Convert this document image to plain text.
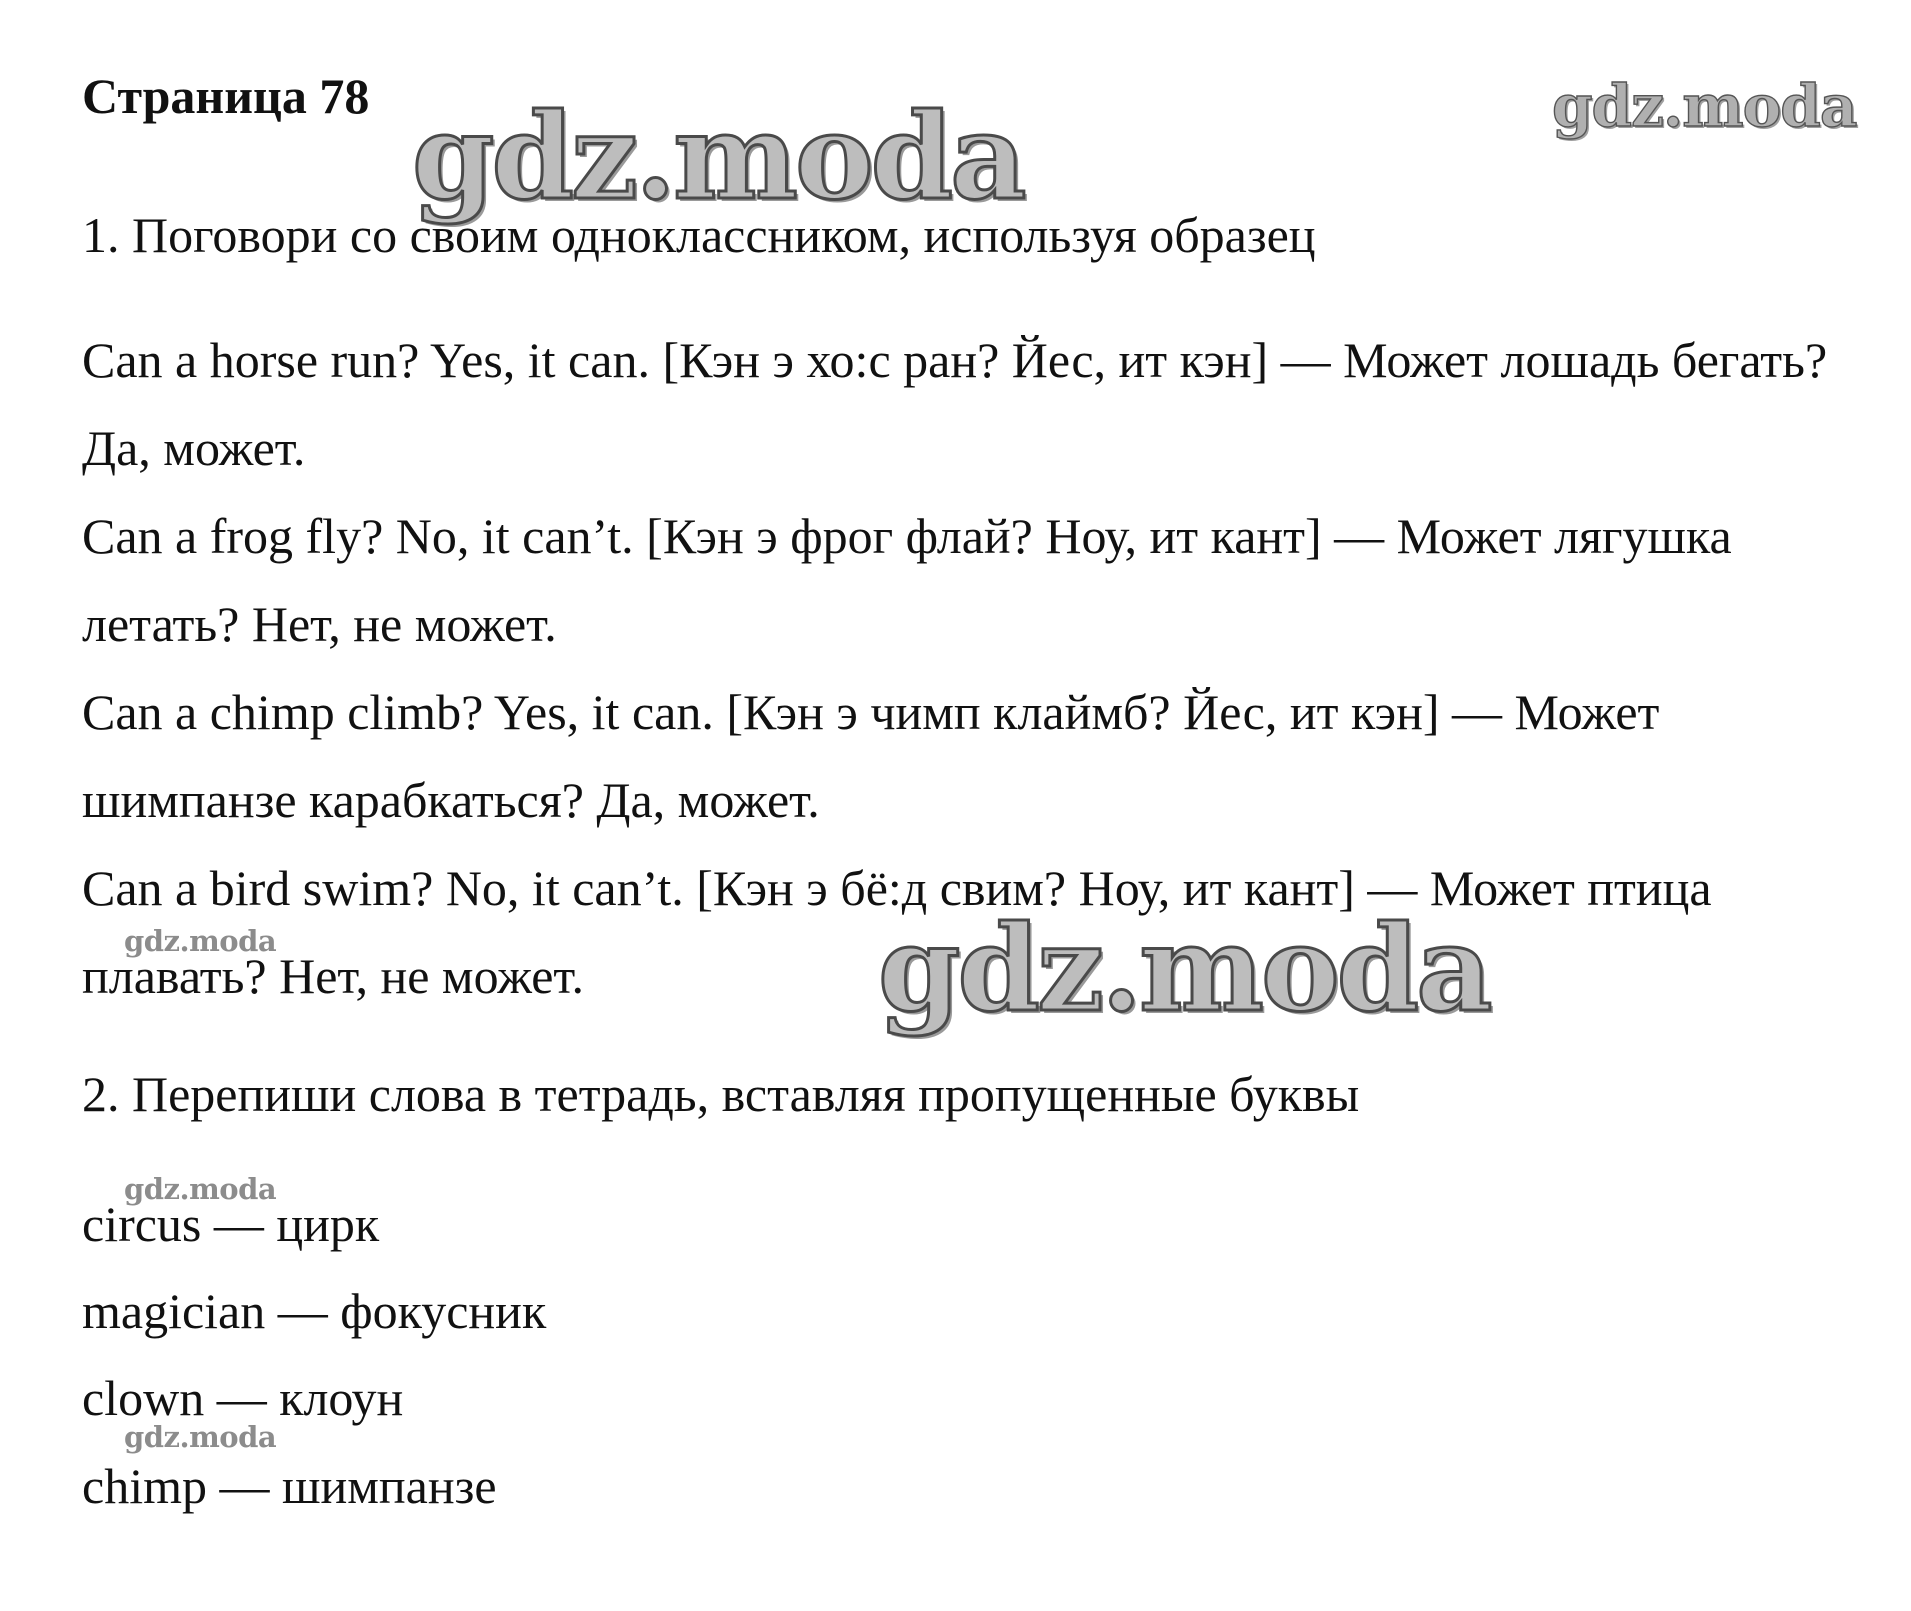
Страница 78
1. Поговори со своим одноклассником, используя образец
Can a horse run? Yes, it can. [Кэн э хо:с ран? Йес, ит кэн] — Может лошадь бегать? Да, может.
Can a frog fly? No, it can’t. [Кэн э фрог флай? Ноу, ит кант] — Может лягушка летать? Нет, не может.
Can a chimp climb? Yes, it can. [Кэн э чимп клаймб? Йес, ит кэн] — Может шимпанзе карабкаться? Да, может.
Can a bird swim? No, it can’t. [Кэн э бё:д свим? Ноу, ит кант] — Может птица плавать? Нет, не может.
2. Перепиши слова в тетрадь, вставляя пропущенные буквы
circus — цирк
magician — фокусник
clown — клоун
chimp — шимпанзе
gdz.moda
gdz.moda
gdz.moda
gdz.moda
gdz.moda
gdz.moda
